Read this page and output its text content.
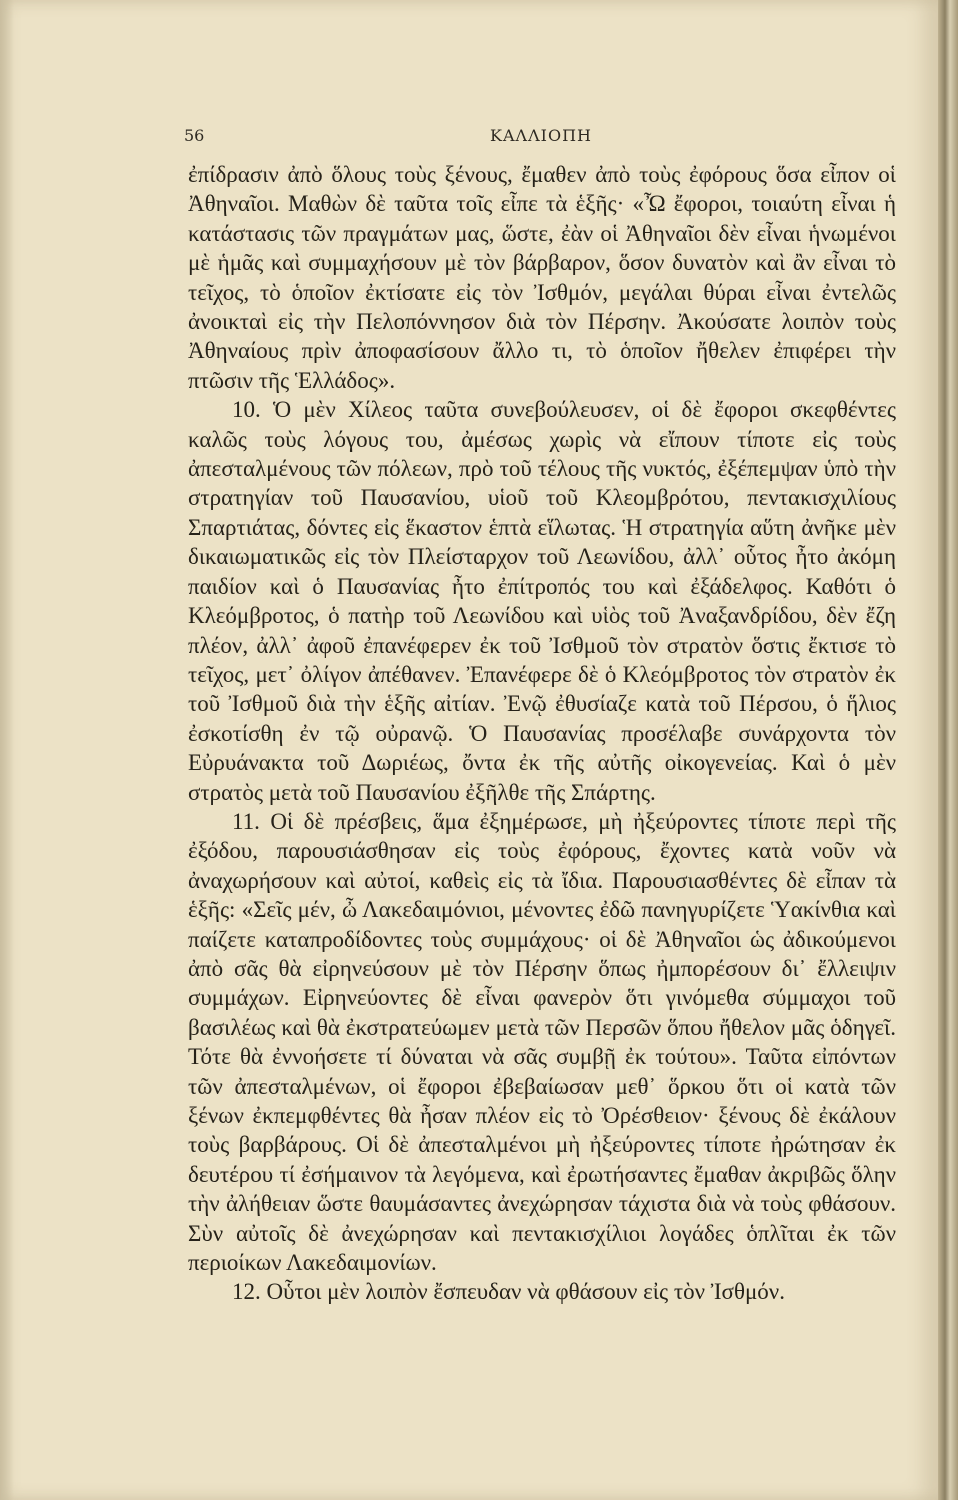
56	ΚΑΛΛΙΟΠΗ

ἐπίδρασιν ἀπὸ ὅλους τοὺς ξένους, ἔμαθεν ἀπὸ τοὺς ἐφόρους ὅσα εἶπον οἱ Ἀθηναῖοι. Μαθὼν δὲ ταῦτα τοῖς εἶπε τὰ ἑξῆς· «Ὦ ἔφοροι, τοιαύτη εἶναι ἡ κατάστασις τῶν πραγμάτων μας, ὥστε, ἐὰν οἱ Ἀθηναῖοι δὲν εἶναι ἡνωμένοι μὲ ἡμᾶς καὶ συμμαχήσουν μὲ τὸν βάρβαρον, ὅσον δυνατὸν καὶ ἂν εἶναι τὸ τεῖχος, τὸ ὁποῖον ἐκτίσατε εἰς τὸν Ἰσθμόν, μεγάλαι θύραι εἶναι ἐντελῶς ἀνοικταὶ εἰς τὴν Πελοπόννησον διὰ τὸν Πέρσην. Ἀκούσατε λοιπὸν τοὺς Ἀθηναίους πρὶν ἀποφασίσουν ἄλλο τι, τὸ ὁποῖον ἤθελεν ἐπιφέρει τὴν πτῶσιν τῆς Ἑλλάδος».

10. Ὁ μὲν Χίλεος ταῦτα συνεβούλευσεν, οἱ δὲ ἔφοροι σκεφθέντες καλῶς τοὺς λόγους του, ἀμέσως χωρὶς νὰ εἴπουν τίποτε εἰς τοὺς ἀπεσταλμένους τῶν πόλεων, πρὸ τοῦ τέλους τῆς νυκτός, ἐξέπεμψαν ὑπὸ τὴν στρατηγίαν τοῦ Παυσανίου, υἱοῦ τοῦ Κλεομβρότου, πεντακισχιλίους Σπαρτιάτας, δόντες εἰς ἕκαστον ἑπτὰ εἵλωτας. Ἡ στρατηγία αὕτη ἀνῆκε μὲν δικαιωματικῶς εἰς τὸν Πλείσταρχον τοῦ Λεωνίδου, ἀλλ᾽ οὗτος ἦτο ἀκόμη παιδίον καὶ ὁ Παυσανίας ἦτο ἐπίτροπός του καὶ ἐξάδελφος. Καθότι ὁ Κλεόμβροτος, ὁ πατὴρ τοῦ Λεωνίδου καὶ υἱὸς τοῦ Ἀναξανδρίδου, δὲν ἔζη πλέον, ἀλλ᾽ ἀφοῦ ἐπανέφερεν ἐκ τοῦ Ἰσθμοῦ τὸν στρατὸν ὅστις ἔκτισε τὸ τεῖχος, μετ᾽ ὀλίγον ἀπέθανεν. Ἐπανέφερε δὲ ὁ Κλεόμβροτος τὸν στρατὸν ἐκ τοῦ Ἰσθμοῦ διὰ τὴν ἑξῆς αἰτίαν. Ἐνῷ ἐθυσίαζε κατὰ τοῦ Πέρσου, ὁ ἥλιος ἐσκοτίσθη ἐν τῷ οὐρανῷ. Ὁ Παυσανίας προσέλαβε συνάρχοντα τὸν Εὐρυάνακτα τοῦ Δωριέως, ὄντα ἐκ τῆς αὐτῆς οἰκογενείας. Καὶ ὁ μὲν στρατὸς μετὰ τοῦ Παυσανίου ἐξῆλθε τῆς Σπάρτης.

11. Οἱ δὲ πρέσβεις, ἅμα ἐξημέρωσε, μὴ ἠξεύροντες τίποτε περὶ τῆς ἐξόδου, παρουσιάσθησαν εἰς τοὺς ἐφόρους, ἔχοντες κατὰ νοῦν νὰ ἀναχωρήσουν καὶ αὐτοί, καθεὶς εἰς τὰ ἴδια. Παρουσιασθέντες δὲ εἶπαν τὰ ἑξῆς: «Σεῖς μέν, ὦ Λακεδαιμόνιοι, μένοντες ἐδῶ πανηγυρίζετε Ὑακίνθια καὶ παίζετε καταπροδίδοντες τοὺς συμμάχους· οἱ δὲ Ἀθηναῖοι ὡς ἀδικούμενοι ἀπὸ σᾶς θὰ εἰρηνεύσουν μὲ τὸν Πέρσην ὅπως ἠμπορέσουν δι᾽ ἔλλειψιν συμμάχων. Εἰρηνεύοντες δὲ εἶναι φανερὸν ὅτι γινόμεθα σύμμαχοι τοῦ βασιλέως καὶ θὰ ἐκστρατεύωμεν μετὰ τῶν Περσῶν ὅπου ἤθελον μᾶς ὁδηγεῖ. Τότε θὰ ἐννοήσετε τί δύναται νὰ σᾶς συμβῇ ἐκ τούτου». Ταῦτα εἰπόντων τῶν ἀπεσταλμένων, οἱ ἔφοροι ἐβεβαίωσαν μεθ᾽ ὅρκου ὅτι οἱ κατὰ τῶν ξένων ἐκπεμφθέντες θὰ ἦσαν πλέον εἰς τὸ Ὀρέσθειον· ξένους δὲ ἐκάλουν τοὺς βαρβάρους. Οἱ δὲ ἀπεσταλμένοι μὴ ἠξεύροντες τίποτε ἠρώτησαν ἐκ δευτέρου τί ἐσήμαινον τὰ λεγόμενα, καὶ ἐρωτήσαντες ἔμαθαν ἀκριβῶς ὅλην τὴν ἀλήθειαν ὥστε θαυμάσαντες ἀνεχώρησαν τάχιστα διὰ νὰ τοὺς φθάσουν. Σὺν αὐτοῖς δὲ ἀνεχώρησαν καὶ πεντακισχίλιοι λογάδες ὁπλῖται ἐκ τῶν περιοίκων Λακεδαιμονίων.

12. Οὗτοι μὲν λοιπὸν ἔσπευδαν νὰ φθάσουν εἰς τὸν Ἰσθμόν.
